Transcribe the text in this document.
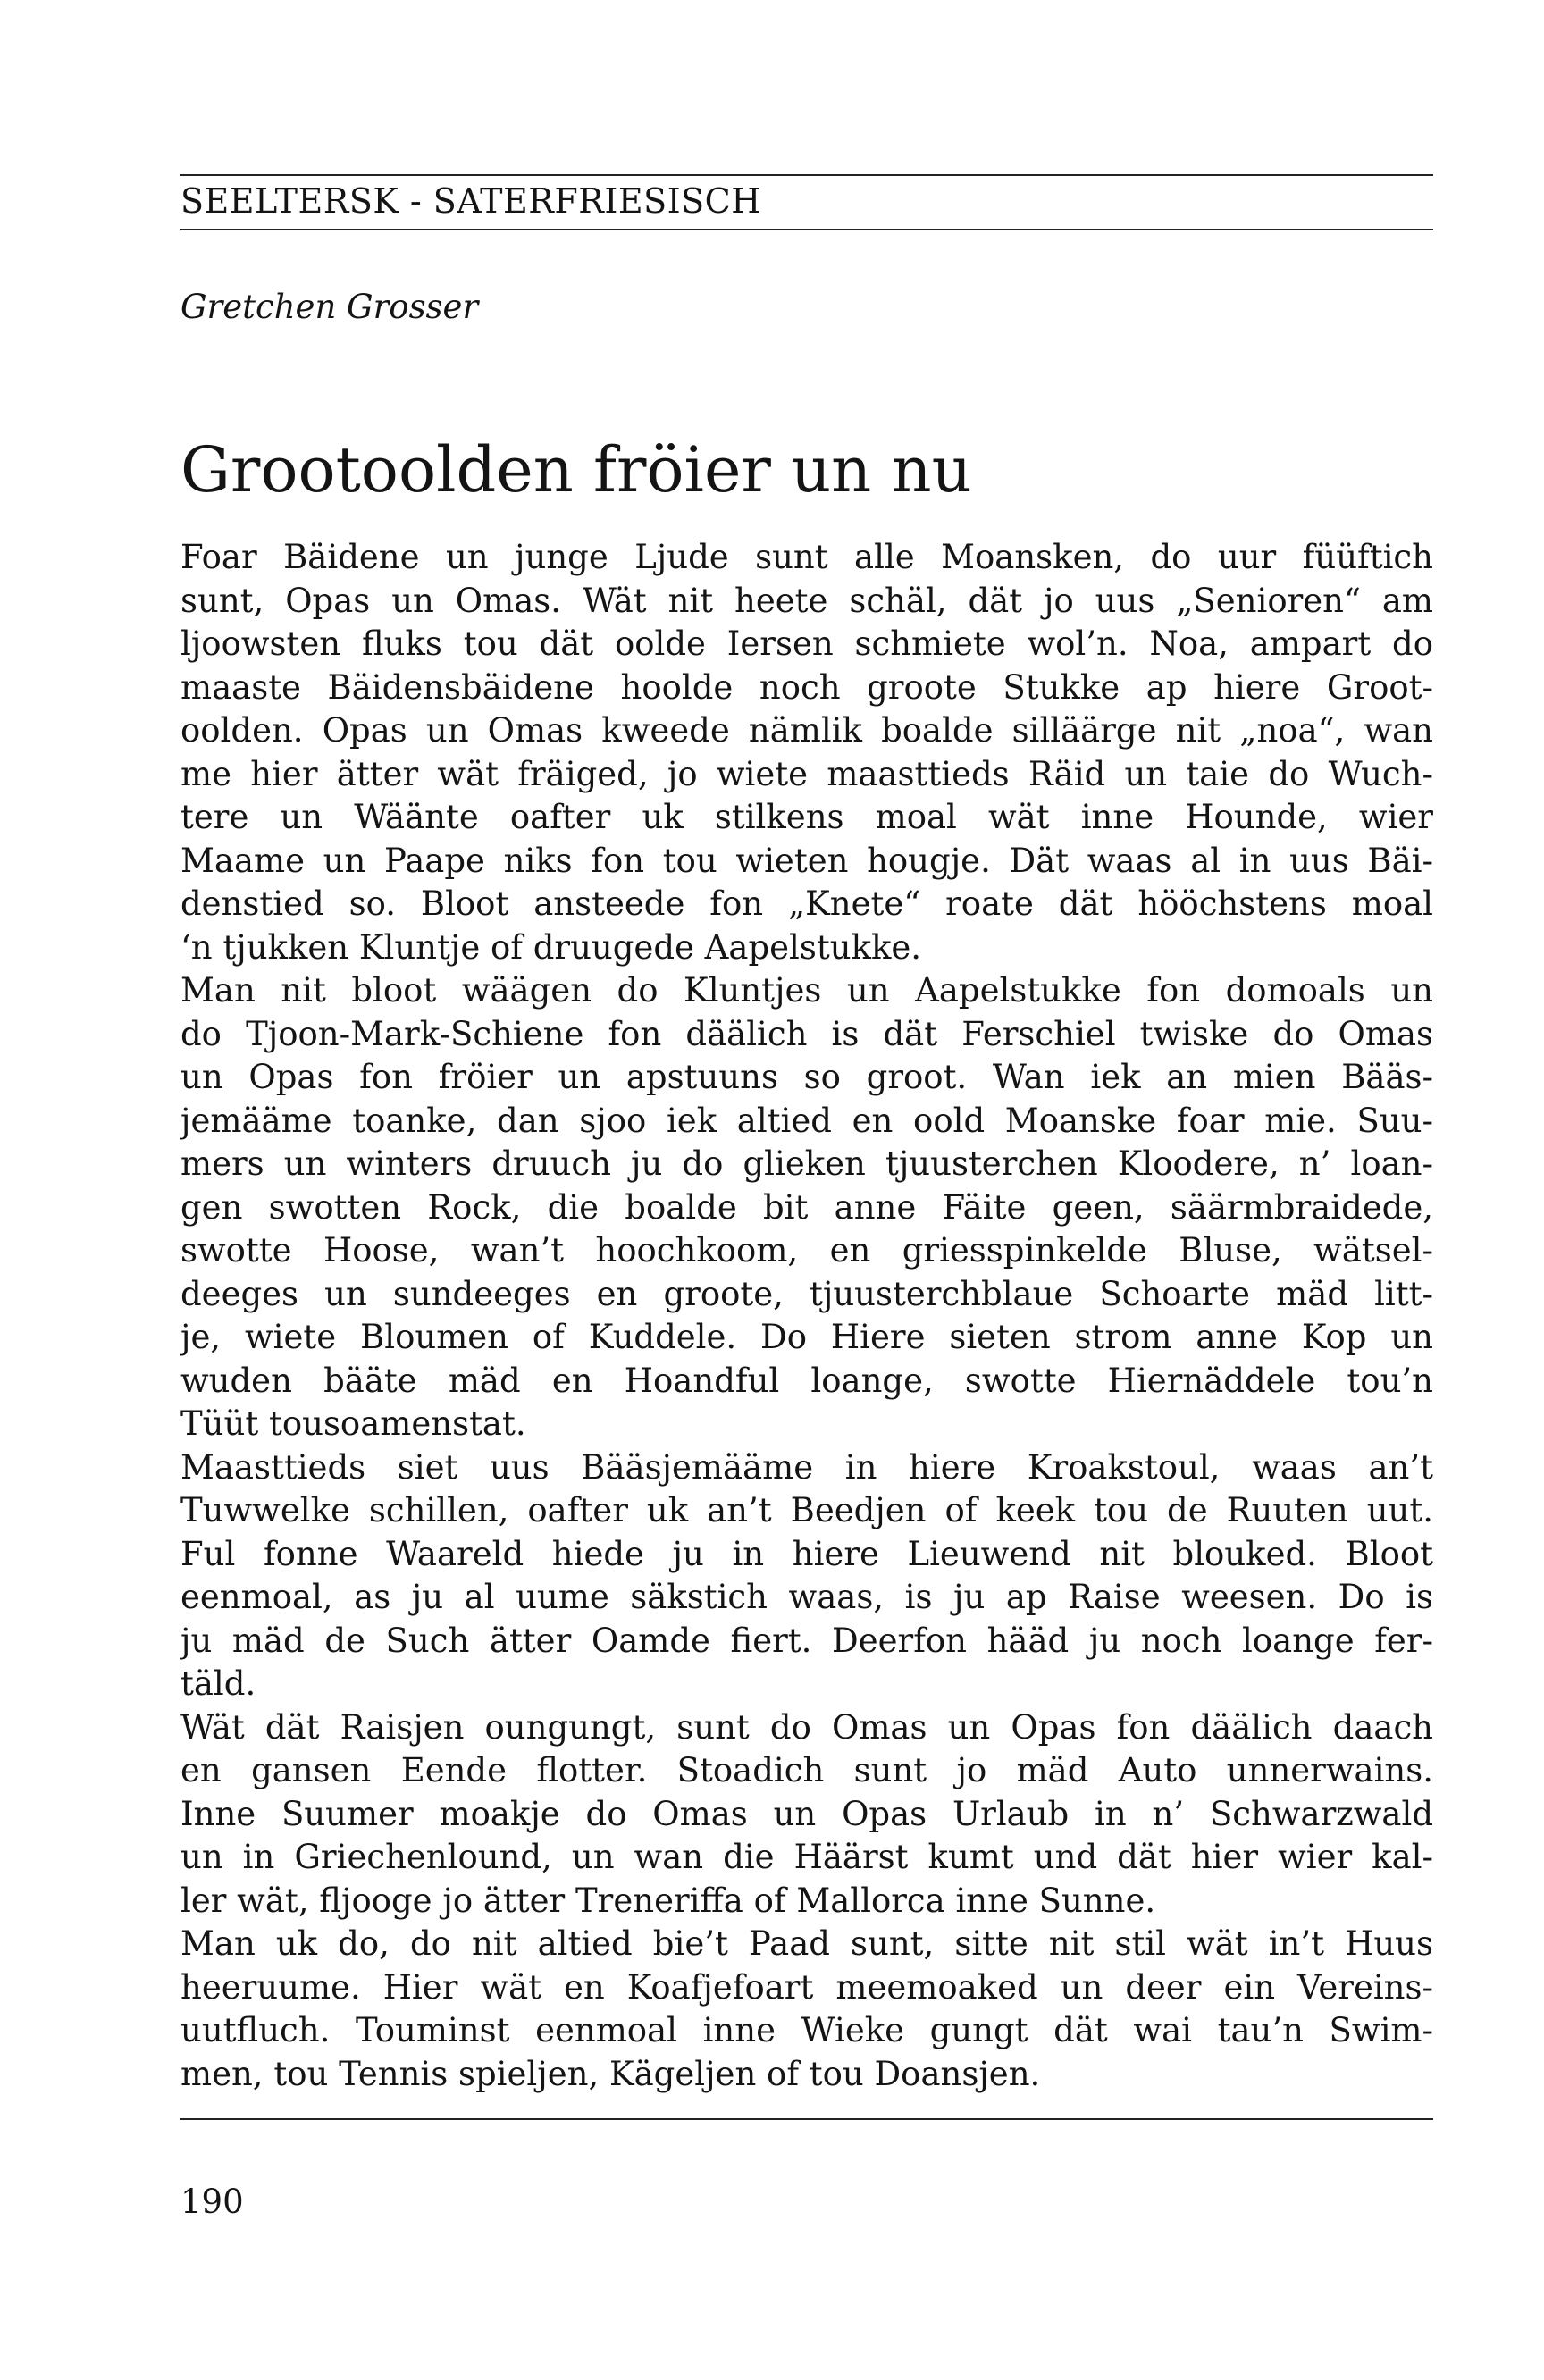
SEELTERSK - SATERFRIESISCH
Gretchen Grosser
Grootoolden fröier un nu
Foar Bäidene un junge Ljude sunt alle Moansken, do uur füüftich
sunt, Opas un Omas. Wät nit heete schäl, dät jo uus „Senioren“ am
ljoowsten fluks tou dät oolde Iersen schmiete wol’n. Noa, ampart do
maaste Bäidensbäidene hoolde noch groote Stukke ap hiere Groot-
oolden. Opas un Omas kweede nämlik boalde silläärge nit „noa“, wan
me hier ätter wät fräiged, jo wiete maasttieds Räid un taie do Wuch-
tere un Wäänte oafter uk stilkens moal wät inne Hounde, wier
Maame un Paape niks fon tou wieten hougje. Dät waas al in uus Bäi-
denstied so. Bloot ansteede fon „Knete“ roate dät hööchstens moal
‘n tjukken Kluntje of druugede Aapelstukke.
Man nit bloot wäägen do Kluntjes un Aapelstukke fon domoals un
do Tjoon-Mark-Schiene fon däälich is dät Ferschiel twiske do Omas
un Opas fon fröier un apstuuns so groot. Wan iek an mien Bääs-
jemääme toanke, dan sjoo iek altied en oold Moanske foar mie. Suu-
mers un winters druuch ju do glieken tjuusterchen Kloodere, n’ loan-
gen swotten Rock, die boalde bit anne Fäite geen, säärmbraidede,
swotte Hoose, wan’t hoochkoom, en griesspinkelde Bluse, wätsel-
deeges un sundeeges en groote, tjuusterchblaue Schoarte mäd litt-
je, wiete Bloumen of Kuddele. Do Hiere sieten strom anne Kop un
wuden bääte mäd en Hoandful loange, swotte Hiernäddele tou’n
Tüüt tousoamenstat.
Maasttieds siet uus Bääsjemääme in hiere Kroakstoul, waas an’t
Tuwwelke schillen, oafter uk an’t Beedjen of keek tou de Ruuten uut.
Ful fonne Waareld hiede ju in hiere Lieuwend nit blouked. Bloot
eenmoal, as ju al uume säkstich waas, is ju ap Raise weesen. Do is
ju mäd de Such ätter Oamde fiert. Deerfon hääd ju noch loange fer-
täld.
Wät dät Raisjen oungungt, sunt do Omas un Opas fon däälich daach
en gansen Eende flotter. Stoadich sunt jo mäd Auto unnerwains.
Inne Suumer moakje do Omas un Opas Urlaub in n’ Schwarzwald
un in Griechenlound, un wan die Häärst kumt und dät hier wier kal-
ler wät, fljooge jo ätter Treneriffa of Mallorca inne Sunne.
Man uk do, do nit altied bie’t Paad sunt, sitte nit stil wät in’t Huus
heeruume. Hier wät en Koafjefoart meemoaked un deer ein Vereins-
uutfluch. Touminst eenmoal inne Wieke gungt dät wai tau’n Swim-
men, tou Tennis spieljen, Kägeljen of tou Doansjen.
190
